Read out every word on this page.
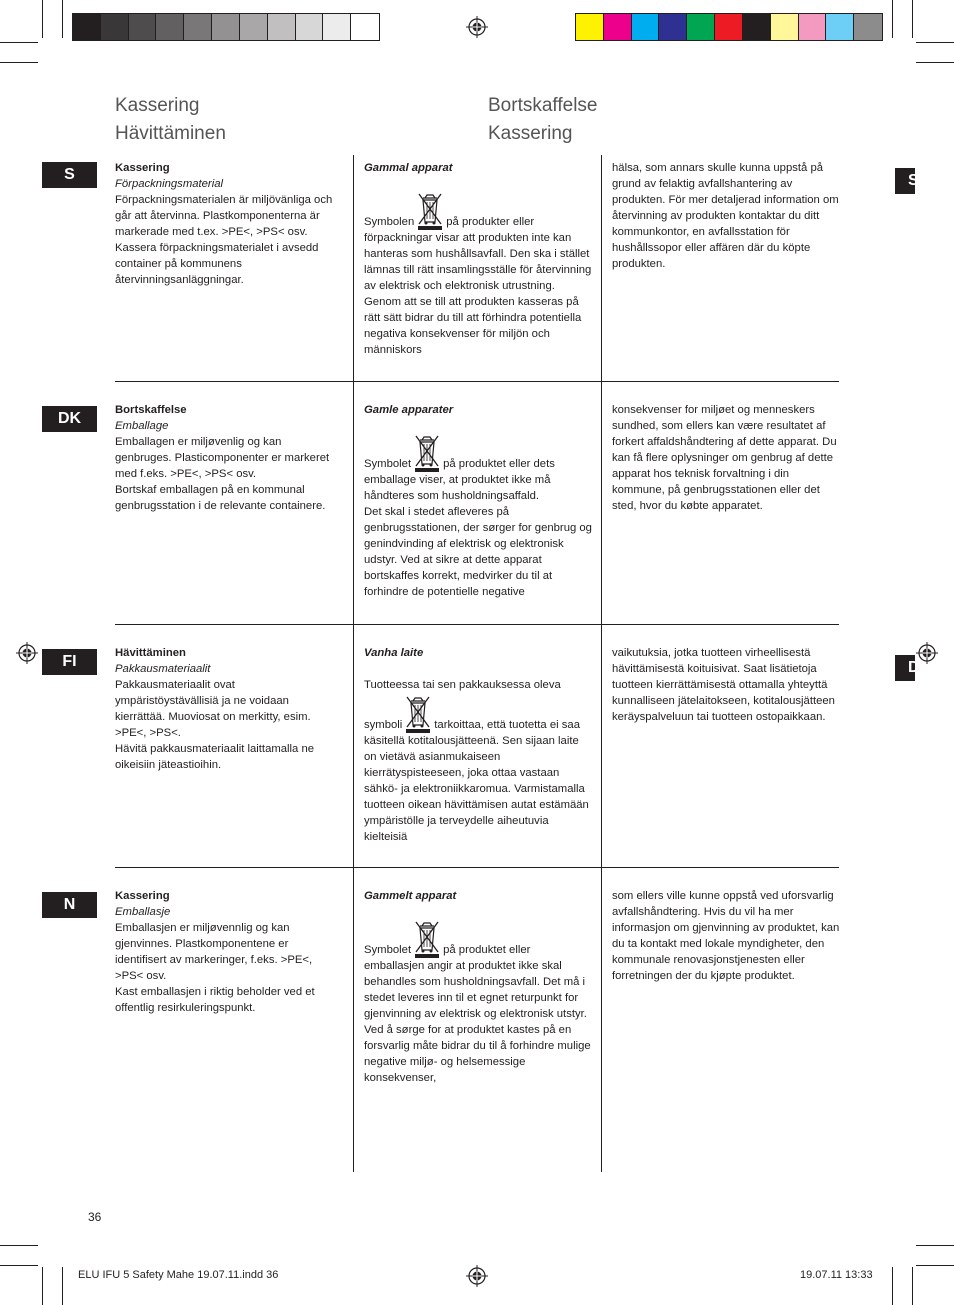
Kassering
Hävittäminen
Bortskaffelse
Kassering
S
D
S	Kassering

Förpackningsmaterial

Förpackningsmaterialen är miljövänliga och går att återvinna. Plastkomponenterna är markerade med t.ex. >PE<, >PS< osv.
Kassera förpackningsmaterialet i avsedd container på kommunens återvinningsanläggningar.

Gammal apparat

Symbolen	på produkter eller förpackningar visar att produkten inte kan hanteras som hushållsavfall. Den ska i stället lämnas till rätt insamlingsställe för återvinning av elektrisk och elektronisk utrustning. Genom att se till att produkten kasseras på rätt sätt bidrar du till att förhindra potentiella negativa konsekvenser för miljön och människors

hälsa, som annars skulle kunna uppstå på grund av felaktig avfallshantering av produkten. För mer detaljerad information om återvinning av produkten kontaktar du ditt kommunkontor, en avfallsstation för hushållssopor eller affären där du köpte produkten.

DK	Bortskaffelse

Emballage

Emballagen er miljøvenlig og kan genbruges. Plasticomponenter er markeret med f.eks. >PE<, >PS< osv.
Bortskaf emballagen på en kommunal genbrugsstation i de relevante containere.

Gamle apparater

Symbolet	på produktet eller dets emballage viser, at produktet ikke må håndteres som husholdningsaffald.
Det skal i stedet afleveres på genbrugsstationen, der sørger for genbrug og genindvinding af elektrisk og elektronisk udstyr. Ved at sikre at dette apparat bortskaffes korrekt, medvirker du til at forhindre de potentielle negative

konsekvenser for miljøet og menneskers sundhed, som ellers kan være resultatet af forkert affaldshåndtering af dette apparat. Du kan få flere oplysninger om genbrug af dette apparat hos teknisk forvaltning i din kommune, på genbrugsstationen eller det sted, hvor du købte apparatet.

FI	Hävittäminen

Pakkausmateriaalit

Pakkausmateriaalit ovat ympäristöystävällisiä ja ne voidaan kierrättää. Muoviosat on merkitty, esim. >PE<, >PS<.
Hävitä pakkausmateriaalit laittamalla ne oikeisiin jäteastioihin.

Vanha laite

Tuotteessa tai sen pakkauksessa oleva

symboli	tarkoittaa, että tuotetta ei saa käsitellä kotitalousjätteenä. Sen sijaan laite on vietävä asianmukaiseen kierrätyspisteeseen, joka ottaa vastaan sähkö- ja elektroniikkaromua. Varmistamalla tuotteen oikean hävittämisen autat estämään ympäristölle ja terveydelle aiheutuvia kielteisiä

vaikutuksia, jotka tuotteen virheellisestä hävittämisestä koituisivat. Saat lisätietoja tuotteen kierrättämisestä ottamalla yhteyttä kunnalliseen jätelaitokseen, kotitalousjätteen keräyspalveluun tai tuotteen ostopaikkaan.

N	Kassering

Emballasje

Emballasjen er miljøvennlig og kan gjenvinnes. Plastkomponentene er identifisert av markeringer, f.eks. >PE<, >PS< osv.
Kast emballasjen i riktig beholder ved et offentlig resirkuleringspunkt.

Gammelt apparat

Symbolet	på produktet eller emballasjen angir at produktet ikke skal behandles som husholdningsavfall. Det må i stedet leveres inn til et egnet returpunkt for gjenvinning av elektrisk og elektronisk utstyr. Ved å sørge for at produktet kastes på en forsvarlig måte bidrar du til å forhindre mulige negative miljø- og helsemessige konsekvenser,

som ellers ville kunne oppstå ved uforsvarlig avfallshåndtering. Hvis du vil ha mer informasjon om gjenvinning av produktet, kan du ta kontakt med lokale myndigheter, den kommunale renovasjonstjenesten eller forretningen der du kjøpte produktet.

36
ELU IFU 5 Safety Mahe 19.07.11.indd 36	19.07.11 13:33
